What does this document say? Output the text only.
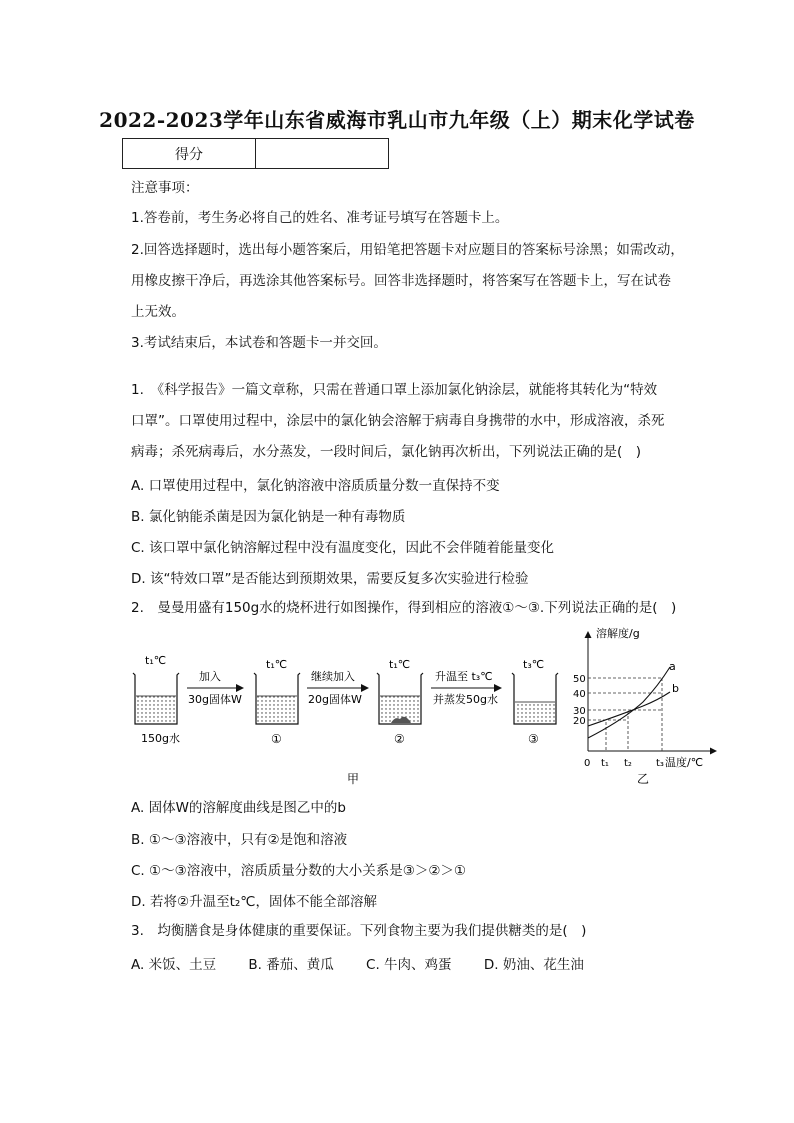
2022-2023学年山东省威海市乳山市九年级（上）期末化学试卷
得分	
注意事项：
1.答卷前，考生务必将自己的姓名、准考证号填写在答题卡上。
2.回答选择题时，选出每小题答案后，用铅笔把答题卡对应题目的答案标号涂黑；如需改动，
用橡皮擦干净后，再选涂其他答案标号。回答非选择题时，将答案写在答题卡上，写在试卷
上无效。
3.考试结束后，本试卷和答题卡一并交回。
1.　《科学报告》一篇文章称，只需在普通口罩上添加氯化钠涂层，就能将其转化为“特效
口罩”。口罩使用过程中，涂层中的氯化钠会溶解于病毒自身携带的水中，形成溶液，杀死
病毒；杀死病毒后，水分蒸发，一段时间后，氯化钠再次析出，下列说法正确的是(　)
A. 口罩使用过程中，氯化钠溶液中溶质质量分数一直保持不变
B. 氯化钠能杀菌是因为氯化钠是一种有毒物质
C. 该口罩中氯化钠溶解过程中没有温度变化，因此不会伴随着能量变化
D. 该“特效口罩”是否能达到预期效果，需要反复多次实验进行检验
2.　曼曼用盛有150g水的烧杯进行如图操作，得到相应的溶液①～③.下列说法正确的是(　)
t₁℃
150g水
加入
30g固体W
t₁℃
①
继续加入
20g固体W
t₁℃
②
升温至 t₃℃
并蒸发50g水
t₃℃
③
甲
溶解度/g
温度/℃
50
40
30
20
a
b
0 t₁ t₂ t₃
乙
A. 固体W的溶解度曲线是图乙中的b
B. ①～③溶液中，只有②是饱和溶液
C. ①～③溶液中，溶质质量分数的大小关系是③＞②＞①
D. 若将②升温至t₂℃，固体不能全部溶解
3.　均衡膳食是身体健康的重要保证。下列食物主要为我们提供糖类的是(　)
A. 米饭、土豆 B. 番茄、黄瓜 C. 牛肉、鸡蛋 D. 奶油、花生油
